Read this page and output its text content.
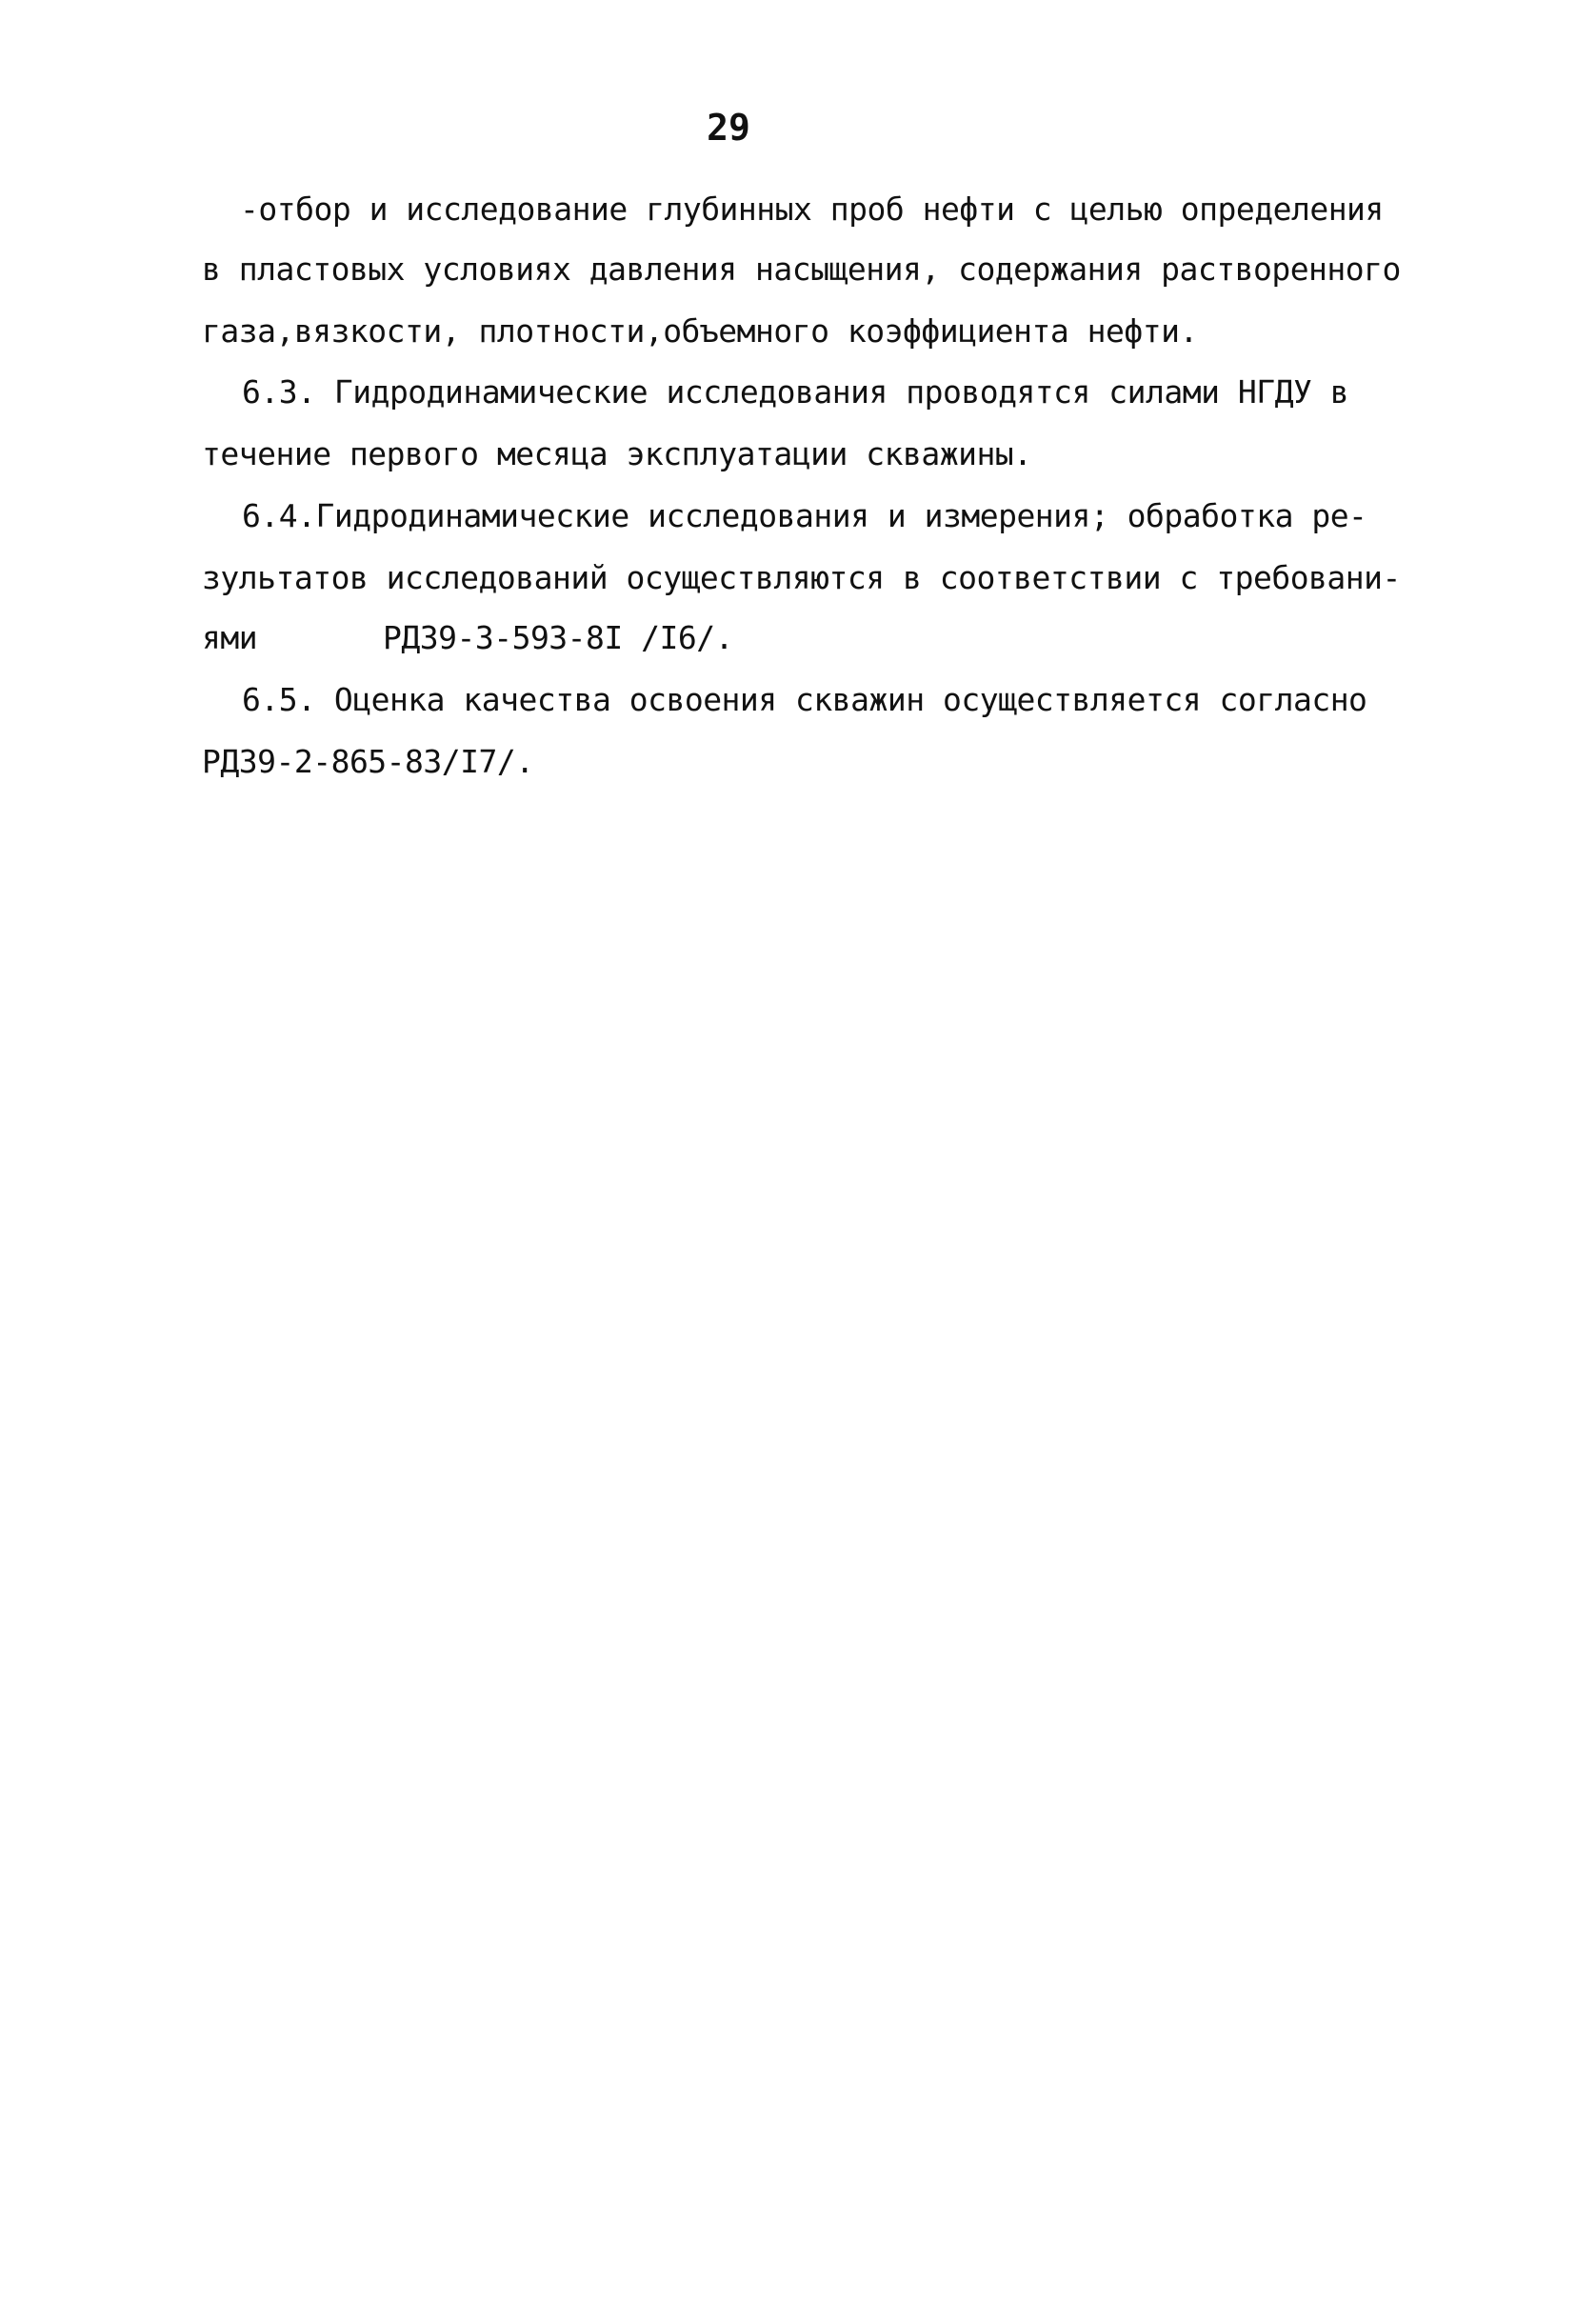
29
-отбор и исследование глубинных проб нефти с целью определения
в пластовых условиях давления насыщения, содержания растворенного
газа,вязкости, плотности,объемного коэффициента нефти.
6.3. Гидродинамические исследования проводятся силами НГДУ в
течение первого месяца эксплуатации скважины.
6.4.Гидродинамические исследования и измерения; обработка ре-
зультатов исследований осуществляются в соответствии с требовани-
ями	РД39-3-593-8I /I6/.
6.5. Оценка качества освоения скважин осуществляется согласно
РД39-2-865-83/I7/.
